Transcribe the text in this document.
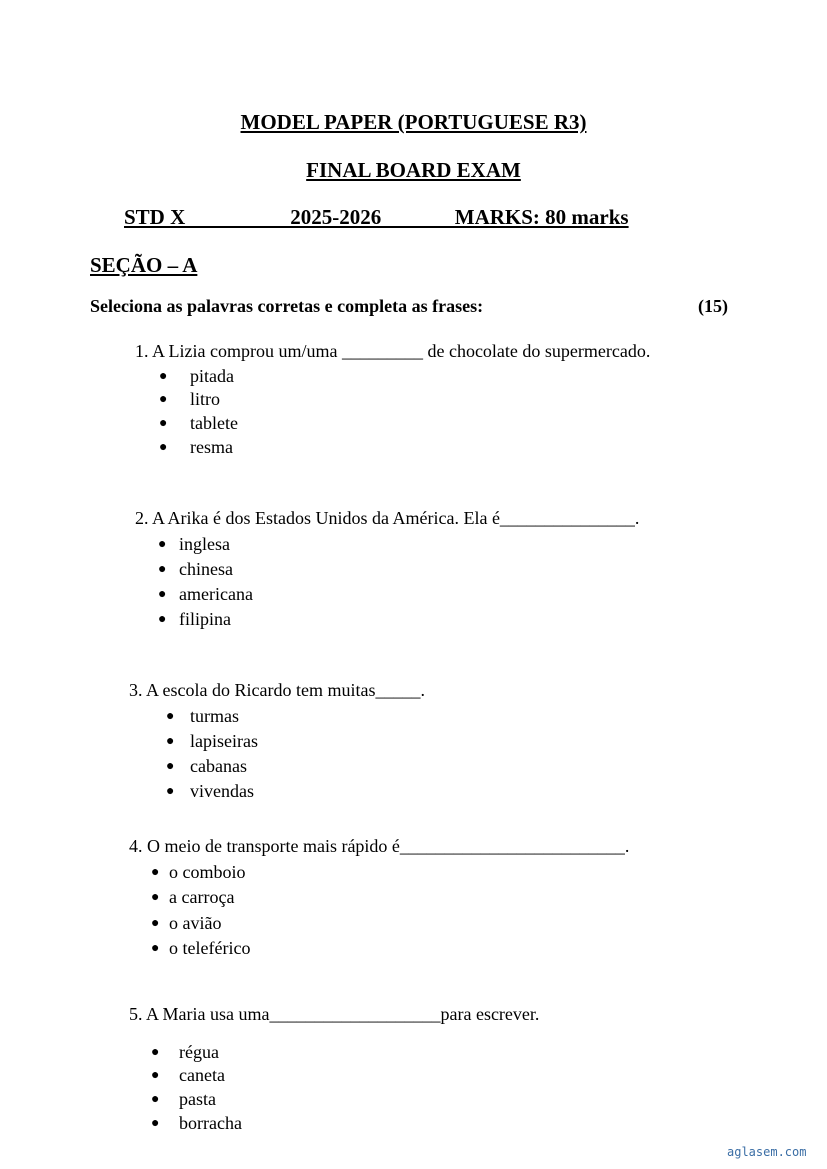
MODEL PAPER (PORTUGUESE R3)
FINAL BOARD EXAM
STD X                    2025-2026              MARKS: 80 marks
SEÇÃO – A
Seleciona as palavras corretas e completa as frases:	(15)
1. A Lizia comprou um/uma _________ de chocolate do supermercado.
● pitada
● litro
● tablete
● resma
2. A Arika é dos Estados Unidos da América. Ela é_______________.
● inglesa
● chinesa
● americana
● filipina
3. A escola do Ricardo tem muitas_____.
● turmas
● lapiseiras
● cabanas
● vivendas
4. O meio de transporte mais rápido é_________________________.
● o comboio
● a carroça
● o avião
● o teleférico
5. A Maria usa uma___________________para escrever.
● régua
● caneta
● pasta
● borracha
aglasem.com
